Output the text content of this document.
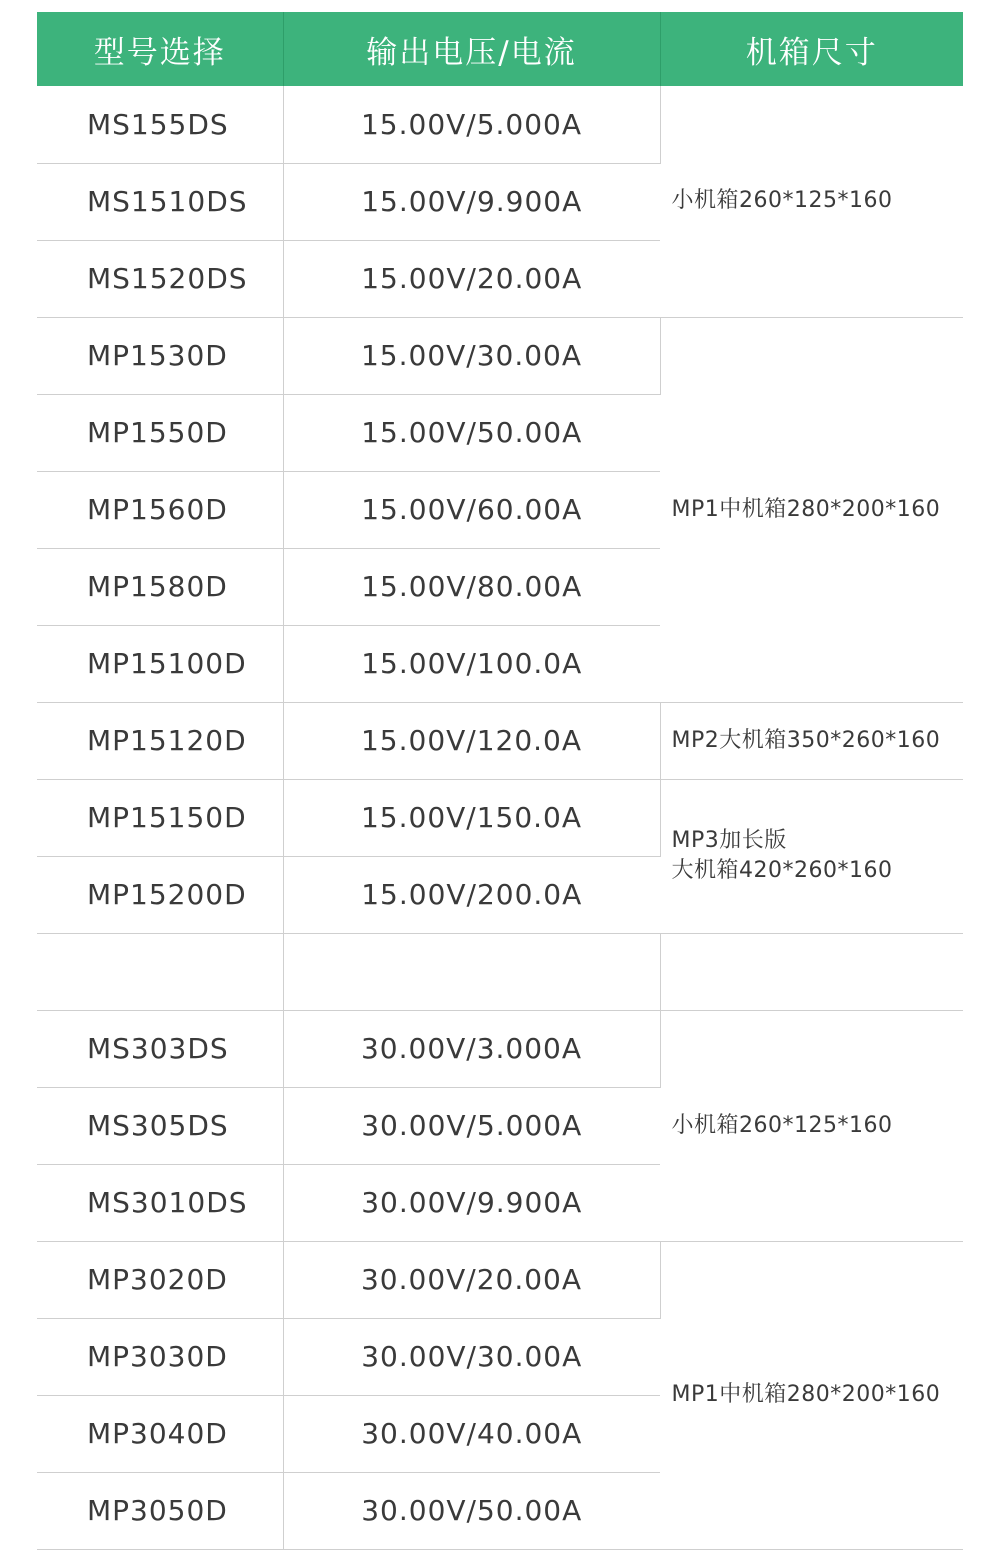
型号选择	输出电压/电流	机箱尺寸
MS155DS	15.00V/5.000A	小机箱260*125*160
MS1510DS	15.00V/9.900A	
MS1520DS	15.00V/20.00A	
MP1530D	15.00V/30.00A	MP1中机箱280*200*160
MP1550D	15.00V/50.00A	
MP1560D	15.00V/60.00A	
MP1580D	15.00V/80.00A	
MP15100D	15.00V/100.0A	
MP15120D	15.00V/120.0A	MP2大机箱350*260*160
MP15150D	15.00V/150.0A	MP3加长版
大机箱420*260*160

MP15200D	15.00V/200.0A	

MS303DS	30.00V/3.000A	小机箱260*125*160
MS305DS	30.00V/5.000A	
MS3010DS	30.00V/9.900A	
MP3020D	30.00V/20.00A	MP1中机箱280*200*160
MP3030D	30.00V/30.00A	
MP3040D	30.00V/40.00A	
MP3050D	30.00V/50.00A	
